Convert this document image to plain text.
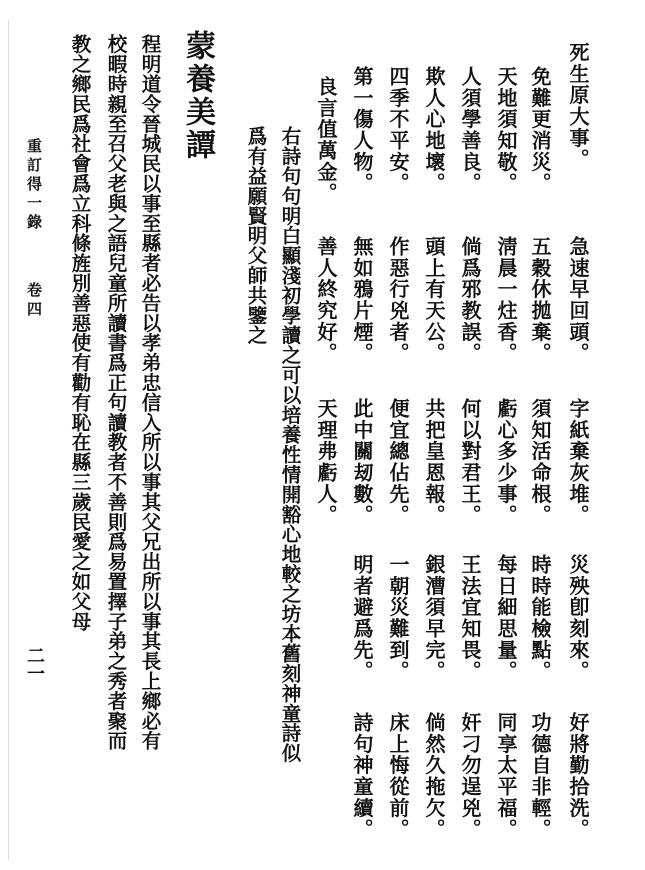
死生原大事。
急速早回頭。
字紙棄灰堆。
災殃卽刻來。
好將勤拾洗。
免難更消災。
五穀休拋棄。
須知活命根。
時時能檢點。
功德自非輕。
天地須知敬。
淸晨一炷香。
虧心多少事。
每日細思量。
同享太平福。
人須學善良。
倘爲邪教誤。
何以對君王。
王法宜知畏。
奸刁勿逞兇。
欺人心地壞。
頭上有天公。
共把皇恩報。
銀漕須早完。
倘然久拖欠。
四季不平安。
作惡行兇者。
便宜總佔先。
一朝災難到。
床上悔從前。
第一傷人物。
無如鴉片煙。
此中關刼數。
明者避爲先。
詩句神童續。
良言值萬金。
善人終究好。
天理弗虧人。
右詩句句明白顯淺初學讀之可以培養性情開豁心地較之坊本舊刻神童詩似
爲有益願賢明父師共鑒之
蒙養美譚
程明道令晉城民以事至縣者必告以孝弟忠信入所以事其父兄出所以事其長上鄉必有
校暇時親至召父老與之語兒童所讀書爲正句讀教者不善則爲易置擇子弟之秀者聚而
教之鄉民爲社會爲立科條旌別善惡使有勸有恥在縣三歲民愛之如父母
重訂得一錄
卷四
二一
